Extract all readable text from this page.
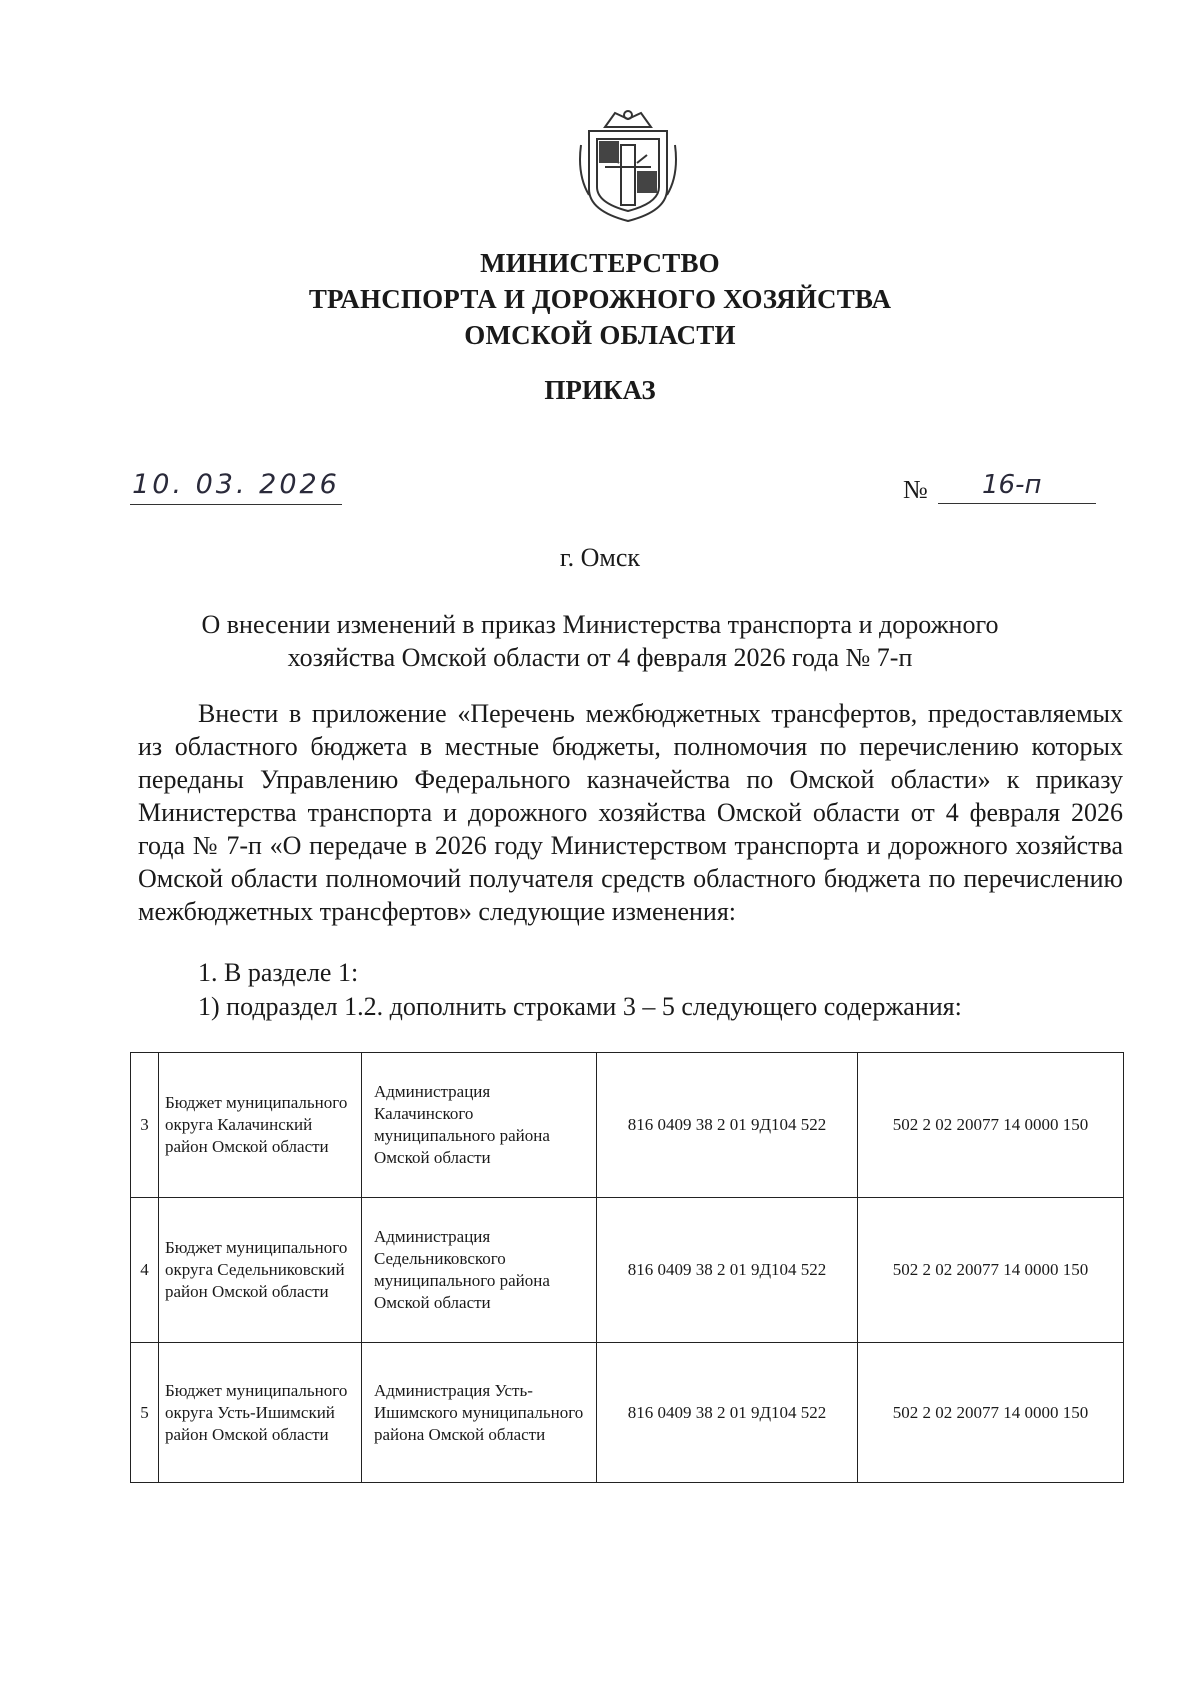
МИНИСТЕРСТВО
ТРАНСПОРТА И ДОРОЖНОГО ХОЗЯЙСТВА
ОМСКОЙ ОБЛАСТИ
ПРИКАЗ
10. 03. 2026	№	16-п
г. Омск
О внесении изменений в приказ Министерства транспорта и дорожного
хозяйства Омской области от 4 февраля 2026 года № 7-п

Внести в приложение «Перечень межбюджетных трансфертов, предоставляемых из областного бюджета в местные бюджеты, полномочия по перечислению которых переданы Управлению Федерального казначейства по Омской области» к приказу Министерства транспорта и дорожного хозяйства Омской области от 4 февраля 2026 года № 7-п «О передаче в 2026 году Министерством транспорта и дорожного хозяйства Омской области полномочий получателя средств областного бюджета по перечислению межбюджетных трансфертов» следующие изменения:

1. В разделе 1:
1) подраздел 1.2. дополнить строками 3 – 5 следующего содержания:
3	Бюджет муниципального округа Калачинский район Омской области	Администрация Калачинского муниципального района Омской области	816 0409 38 2 01 9Д104 522	502 2 02 20077 14 0000 150
4	Бюджет муниципального округа Седельниковский район Омской области	Администрация Седельниковского муниципального района Омской области	816 0409 38 2 01 9Д104 522	502 2 02 20077 14 0000 150
5	Бюджет муниципального округа Усть-Ишимский район Омской области	Администрация Усть-Ишимского муниципального района Омской области	816 0409 38 2 01 9Д104 522	502 2 02 20077 14 0000 150
